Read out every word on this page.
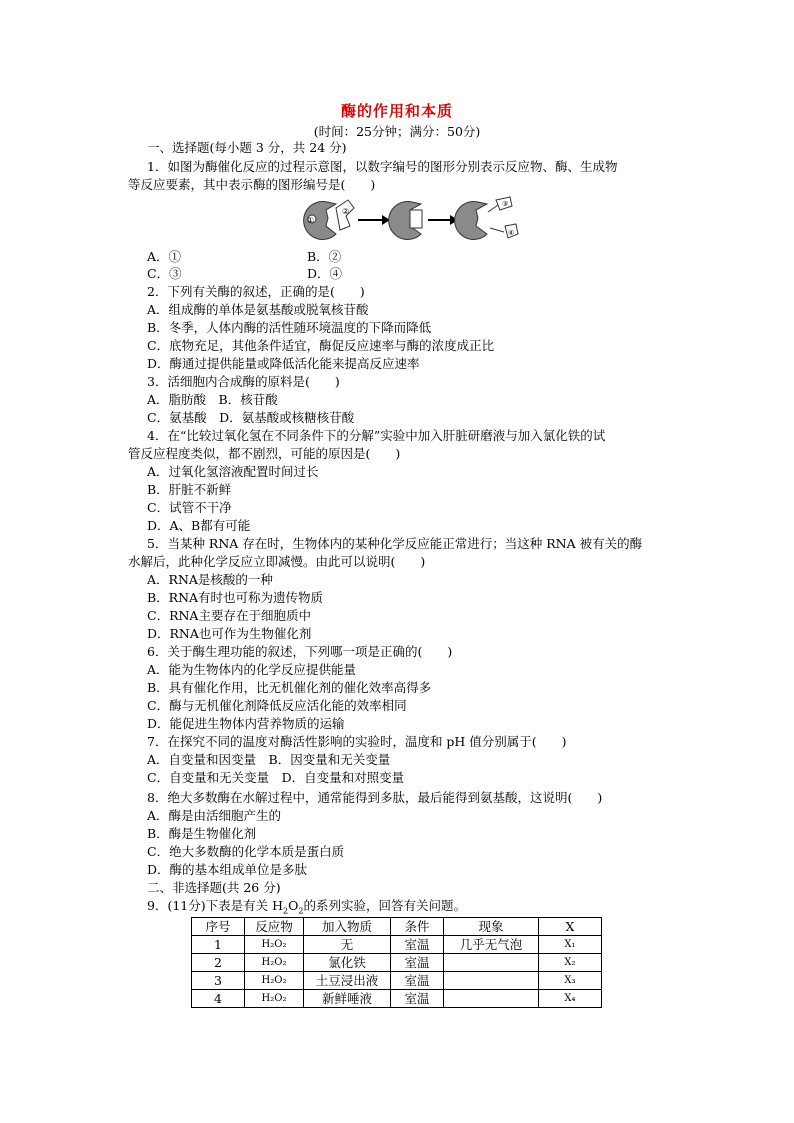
酶的作用和本质
(时间：25分钟；满分：50分)
一、选择题(每小题 3 分，共 24 分)
1．如图为酶催化反应的过程示意图，以数字编号的图形分别表示反应物、酶、生成物
等反应要素，其中表示酶的图形编号是(　　)
①
②
③
④
A．①	B．②
C．③	D．④
2．下列有关酶的叙述，正确的是(　　)
A．组成酶的单体是氨基酸或脱氧核苷酸
B．冬季，人体内酶的活性随环境温度的下降而降低
C．底物充足，其他条件适宜，酶促反应速率与酶的浓度成正比
D．酶通过提供能量或降低活化能来提高反应速率
3．活细胞内合成酶的原料是(　　)
A．脂肪酸　B．核苷酸
C．氨基酸　D．氨基酸或核糖核苷酸
4．在“比较过氧化氢在不同条件下的分解”实验中加入肝脏研磨液与加入氯化铁的试
管反应程度类似，都不剧烈，可能的原因是(　　)
A．过氧化氢溶液配置时间过长
B．肝脏不新鲜
C．试管不干净
D．A、B都有可能
5．当某种 RNA 存在时，生物体内的某种化学反应能正常进行；当这种 RNA 被有关的酶
水解后，此种化学反应立即减慢。由此可以说明(　　)
A．RNA是核酸的一种
B．RNA有时也可称为遗传物质
C．RNA主要存在于细胞质中
D．RNA也可作为生物催化剂
6．关于酶生理功能的叙述，下列哪一项是正确的(　　)
A．能为生物体内的化学反应提供能量
B．具有催化作用，比无机催化剂的催化效率高得多
C．酶与无机催化剂降低反应活化能的效率相同
D．能促进生物体内营养物质的运输
7．在探究不同的温度对酶活性影响的实验时，温度和 pH 值分别属于(　　)
A．自变量和因变量　B．因变量和无关变量
C．自变量和无关变量　D．自变量和对照变量
8．绝大多数酶在水解过程中，通常能得到多肽，最后能得到氨基酸，这说明(　　)
A．酶是由活细胞产生的
B．酶是生物催化剂
C．绝大多数酶的化学本质是蛋白质
D．酶的基本组成单位是多肽
二、非选择题(共 26 分)
9．(11分)下表是有关 $H_2O_2$的系列实验，回答有关问题。
序号	反应物	加入物质	条件	现象	X
1	H₂O₂	无	室温	几乎无气泡	X₁
2	H₂O₂	氯化铁	室温		X₂
3	H₂O₂	土豆浸出液	室温		X₃
4	H₂O₂	新鲜唾液	室温		X₄
